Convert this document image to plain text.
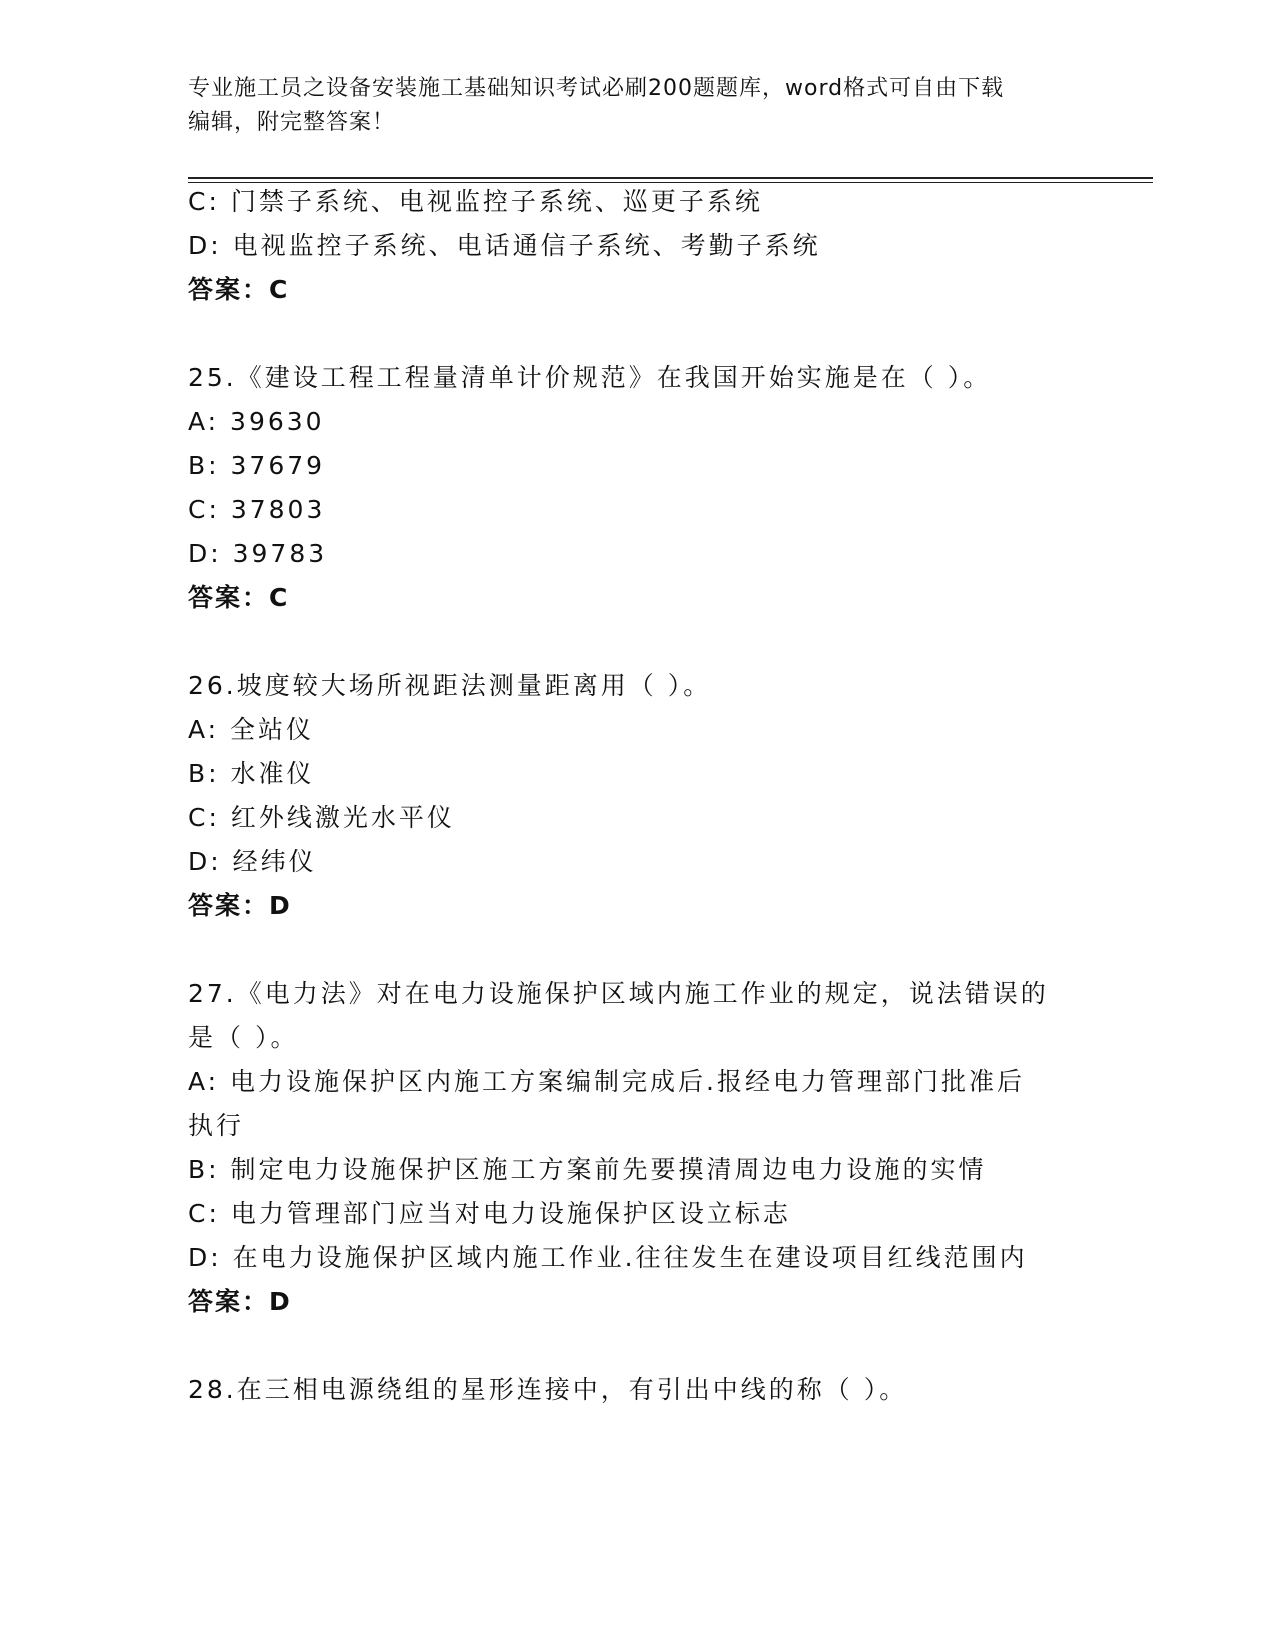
专业施工员之设备安装施工基础知识考试必刷200题题库，word格式可自由下载
编辑，附完整答案！
C: 门禁子系统、电视监控子系统、巡更子系统
D: 电视监控子系统、电话通信子系统、考勤子系统
答案：C
25.《建设工程工程量清单计价规范》在我国开始实施是在（ ）。
A: 39630
B: 37679
C: 37803
D: 39783
答案：C
26.坡度较大场所视距法测量距离用（ ）。
A: 全站仪
B: 水准仪
C: 红外线激光水平仪
D: 经纬仪
答案：D
27.《电力法》对在电力设施保护区域内施工作业的规定，说法错误的
是（ ）。
A: 电力设施保护区内施工方案编制完成后.报经电力管理部门批准后
执行
B: 制定电力设施保护区施工方案前先要摸清周边电力设施的实情
C: 电力管理部门应当对电力设施保护区设立标志
D: 在电力设施保护区域内施工作业.往往发生在建设项目红线范围内
答案：D
28.在三相电源绕组的星形连接中，有引出中线的称（ ）。
